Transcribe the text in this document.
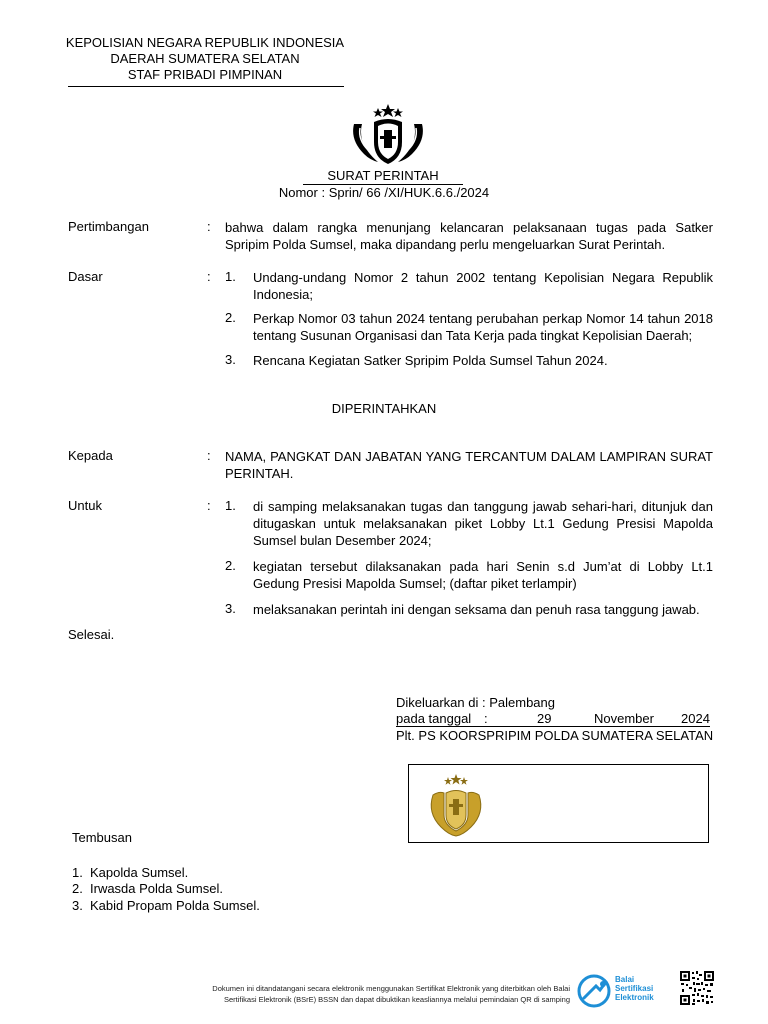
KEPOLISIAN NEGARA REPUBLIK INDONESIA
DAERAH SUMATERA SELATAN
STAF PRIBADI PIMPINAN
SURAT PERINTAH
Nomor : Sprin/ 66 /XI/HUK.6.6./2024
Pertimbangan	: bahwa dalam rangka menunjang kelancaran pelaksanaan tugas pada Satker Spripim Polda Sumsel, maka dipandang perlu mengeluarkan Surat Perintah.
Dasar	: 1. Undang-undang Nomor 2 tahun 2002 tentang Kepolisian Negara Republik Indonesia;
2. Perkap Nomor 03 tahun 2024 tentang perubahan perkap Nomor 14 tahun 2018 tentang Susunan Organisasi dan Tata Kerja pada tingkat Kepolisian Daerah;
3. Rencana Kegiatan Satker Spripim Polda Sumsel Tahun 2024.
DIPERINTAHKAN
Kepada	: NAMA, PANGKAT DAN JABATAN YANG TERCANTUM DALAM LAMPIRAN SURAT PERINTAH.
Untuk	: 1. di samping melaksanakan tugas dan tanggung jawab sehari-hari, ditunjuk dan ditugaskan untuk melaksanakan piket Lobby Lt.1 Gedung Presisi Mapolda Sumsel bulan Desember 2024;
2. kegiatan tersebut dilaksanakan pada hari Senin s.d Jum’at di Lobby Lt.1 Gedung Presisi Mapolda Sumsel; (daftar piket terlampir)
3. melaksanakan perintah ini dengan seksama dan penuh rasa tanggung jawab.
Selesai.
Dikeluarkan di : Palembang
pada tanggal :	29	November 2024
Plt. PS KOORSPRIPIM POLDA SUMATERA SELATAN
Tembusan
1. Kapolda Sumsel.
2. Irwasda Polda Sumsel.
3. Kabid Propam Polda Sumsel.
Dokumen ini ditandatangani secara elektronik menggunakan Sertifikat Elektronik yang diterbitkan oleh Balai
Sertifikasi Elektronik (BSrE) BSSN dan dapat dibuktikan keasliannya melalui pemindaian QR di samping
Balai
Sertifikasi
Elektronik
